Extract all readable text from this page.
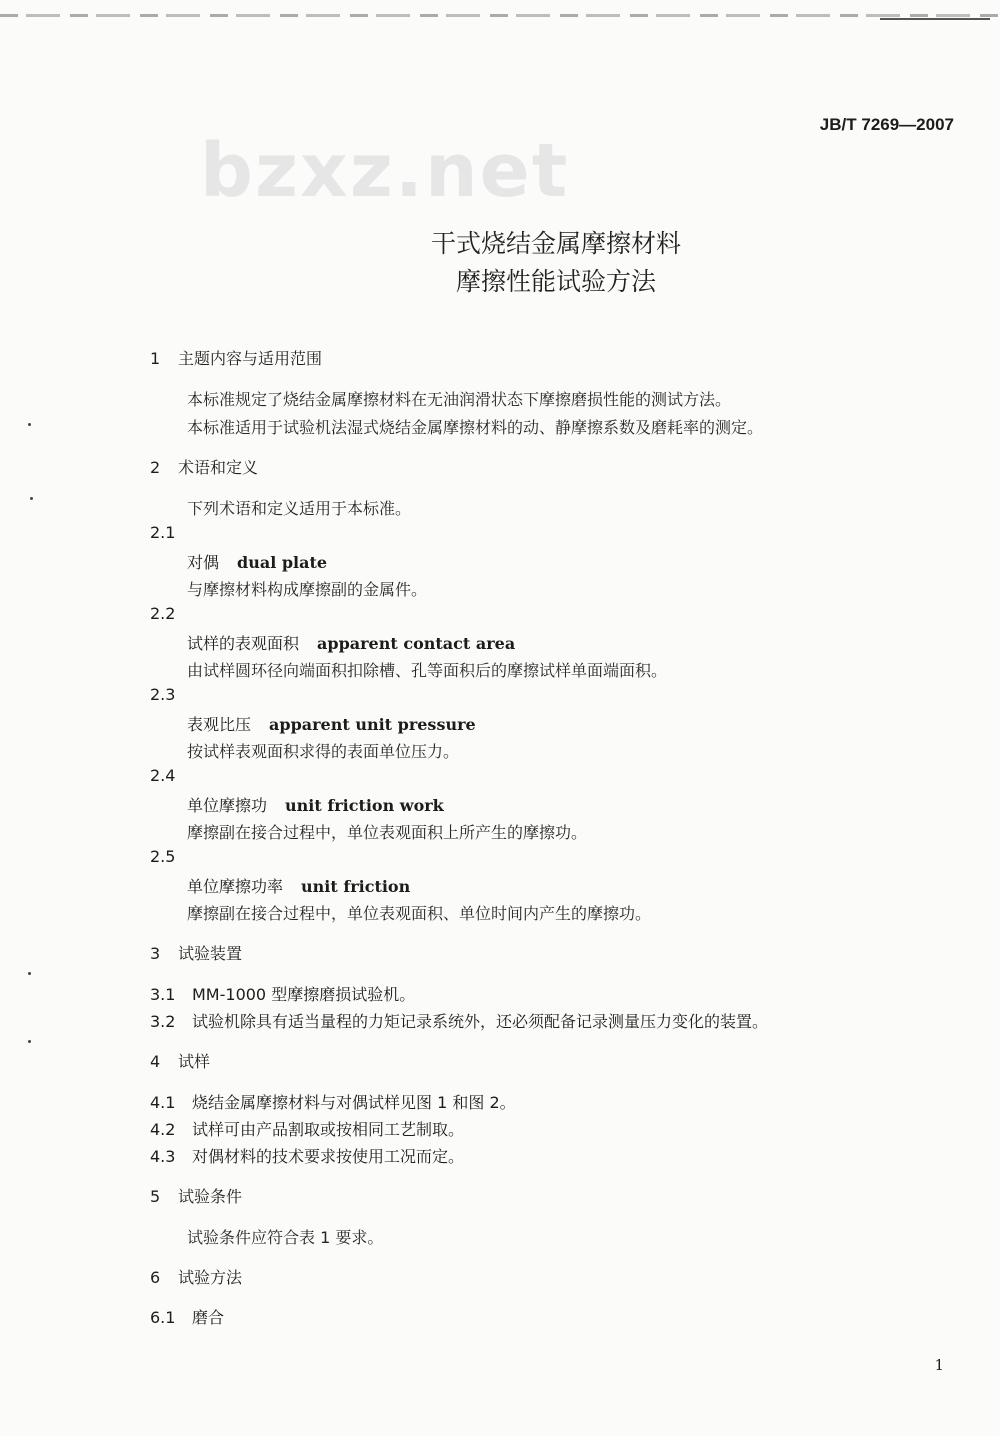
JB/T 7269—2007
bzxz.net
干式烧结金属摩擦材料
摩擦性能试验方法
1 主题内容与适用范围
本标准规定了烧结金属摩擦材料在无油润滑状态下摩擦磨损性能的测试方法。
本标准适用于试验机法湿式烧结金属摩擦材料的动、静摩擦系数及磨耗率的测定。
2 术语和定义
下列术语和定义适用于本标准。
2.1
对偶 dual plate
与摩擦材料构成摩擦副的金属件。
2.2
试样的表观面积 apparent contact area
由试样圆环径向端面积扣除槽、孔等面积后的摩擦试样单面端面积。
2.3
表观比压 apparent unit pressure
按试样表观面积求得的表面单位压力。
2.4
单位摩擦功 unit friction work
摩擦副在接合过程中，单位表观面积上所产生的摩擦功。
2.5
单位摩擦功率 unit friction
摩擦副在接合过程中，单位表观面积、单位时间内产生的摩擦功。
3 试验装置
3.1 MM-1000 型摩擦磨损试验机。
3.2 试验机除具有适当量程的力矩记录系统外，还必须配备记录测量压力变化的装置。
4 试样
4.1 烧结金属摩擦材料与对偶试样见图 1 和图 2。
4.2 试样可由产品割取或按相同工艺制取。
4.3 对偶材料的技术要求按使用工况而定。
5 试验条件
试验条件应符合表 1 要求。
6 试验方法
6.1 磨合
1
